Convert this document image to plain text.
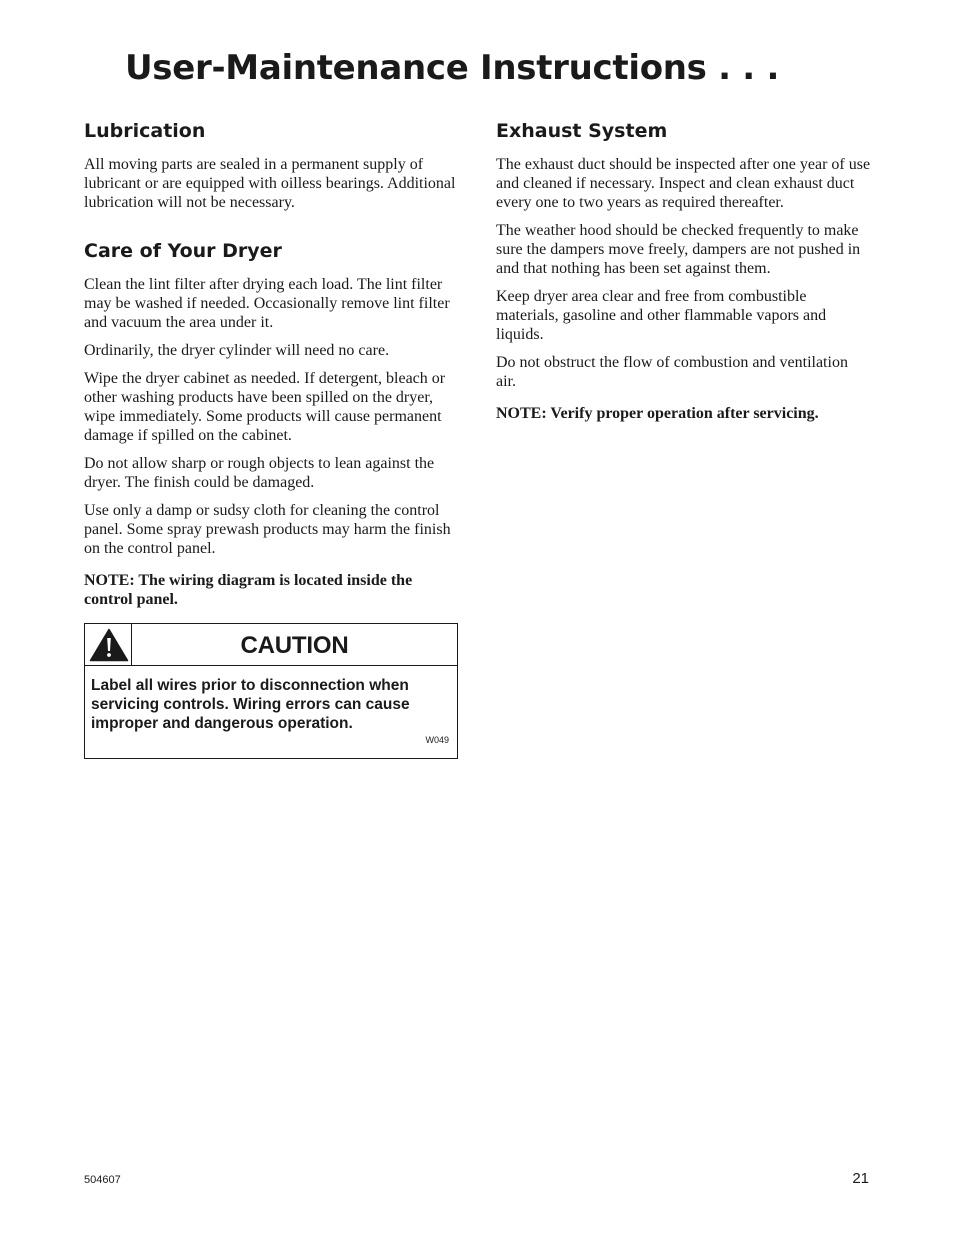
User-Maintenance Instructions . . .
Lubrication

All moving parts are sealed in a permanent supply of lubricant or are equipped with oilless bearings. Additional lubrication will not be necessary.

Care of Your Dryer

Clean the lint filter after drying each load. The lint filter may be washed if needed. Occasionally remove lint filter and vacuum the area under it.

Ordinarily, the dryer cylinder will need no care.

Wipe the dryer cabinet as needed. If detergent, bleach or other washing products have been spilled on the dryer, wipe immediately. Some products will cause permanent damage if spilled on the cabinet.

Do not allow sharp or rough objects to lean against the dryer. The finish could be damaged.

Use only a damp or sudsy cloth for cleaning the control panel. Some spray prewash products may harm the finish on the control panel.

NOTE: The wiring diagram is located inside the control panel.

CAUTION

Label all wires prior to disconnection when servicing controls. Wiring errors can cause improper and dangerous operation.

W049
Exhaust System

The exhaust duct should be inspected after one year of use and cleaned if necessary. Inspect and clean exhaust duct every one to two years as required thereafter.

The weather hood should be checked frequently to make sure the dampers move freely, dampers are not pushed in and that nothing has been set against them.

Keep dryer area clear and free from combustible materials, gasoline and other flammable vapors and liquids.

Do not obstruct the flow of combustion and ventilation air.

NOTE: Verify proper operation after servicing.

504607	21
